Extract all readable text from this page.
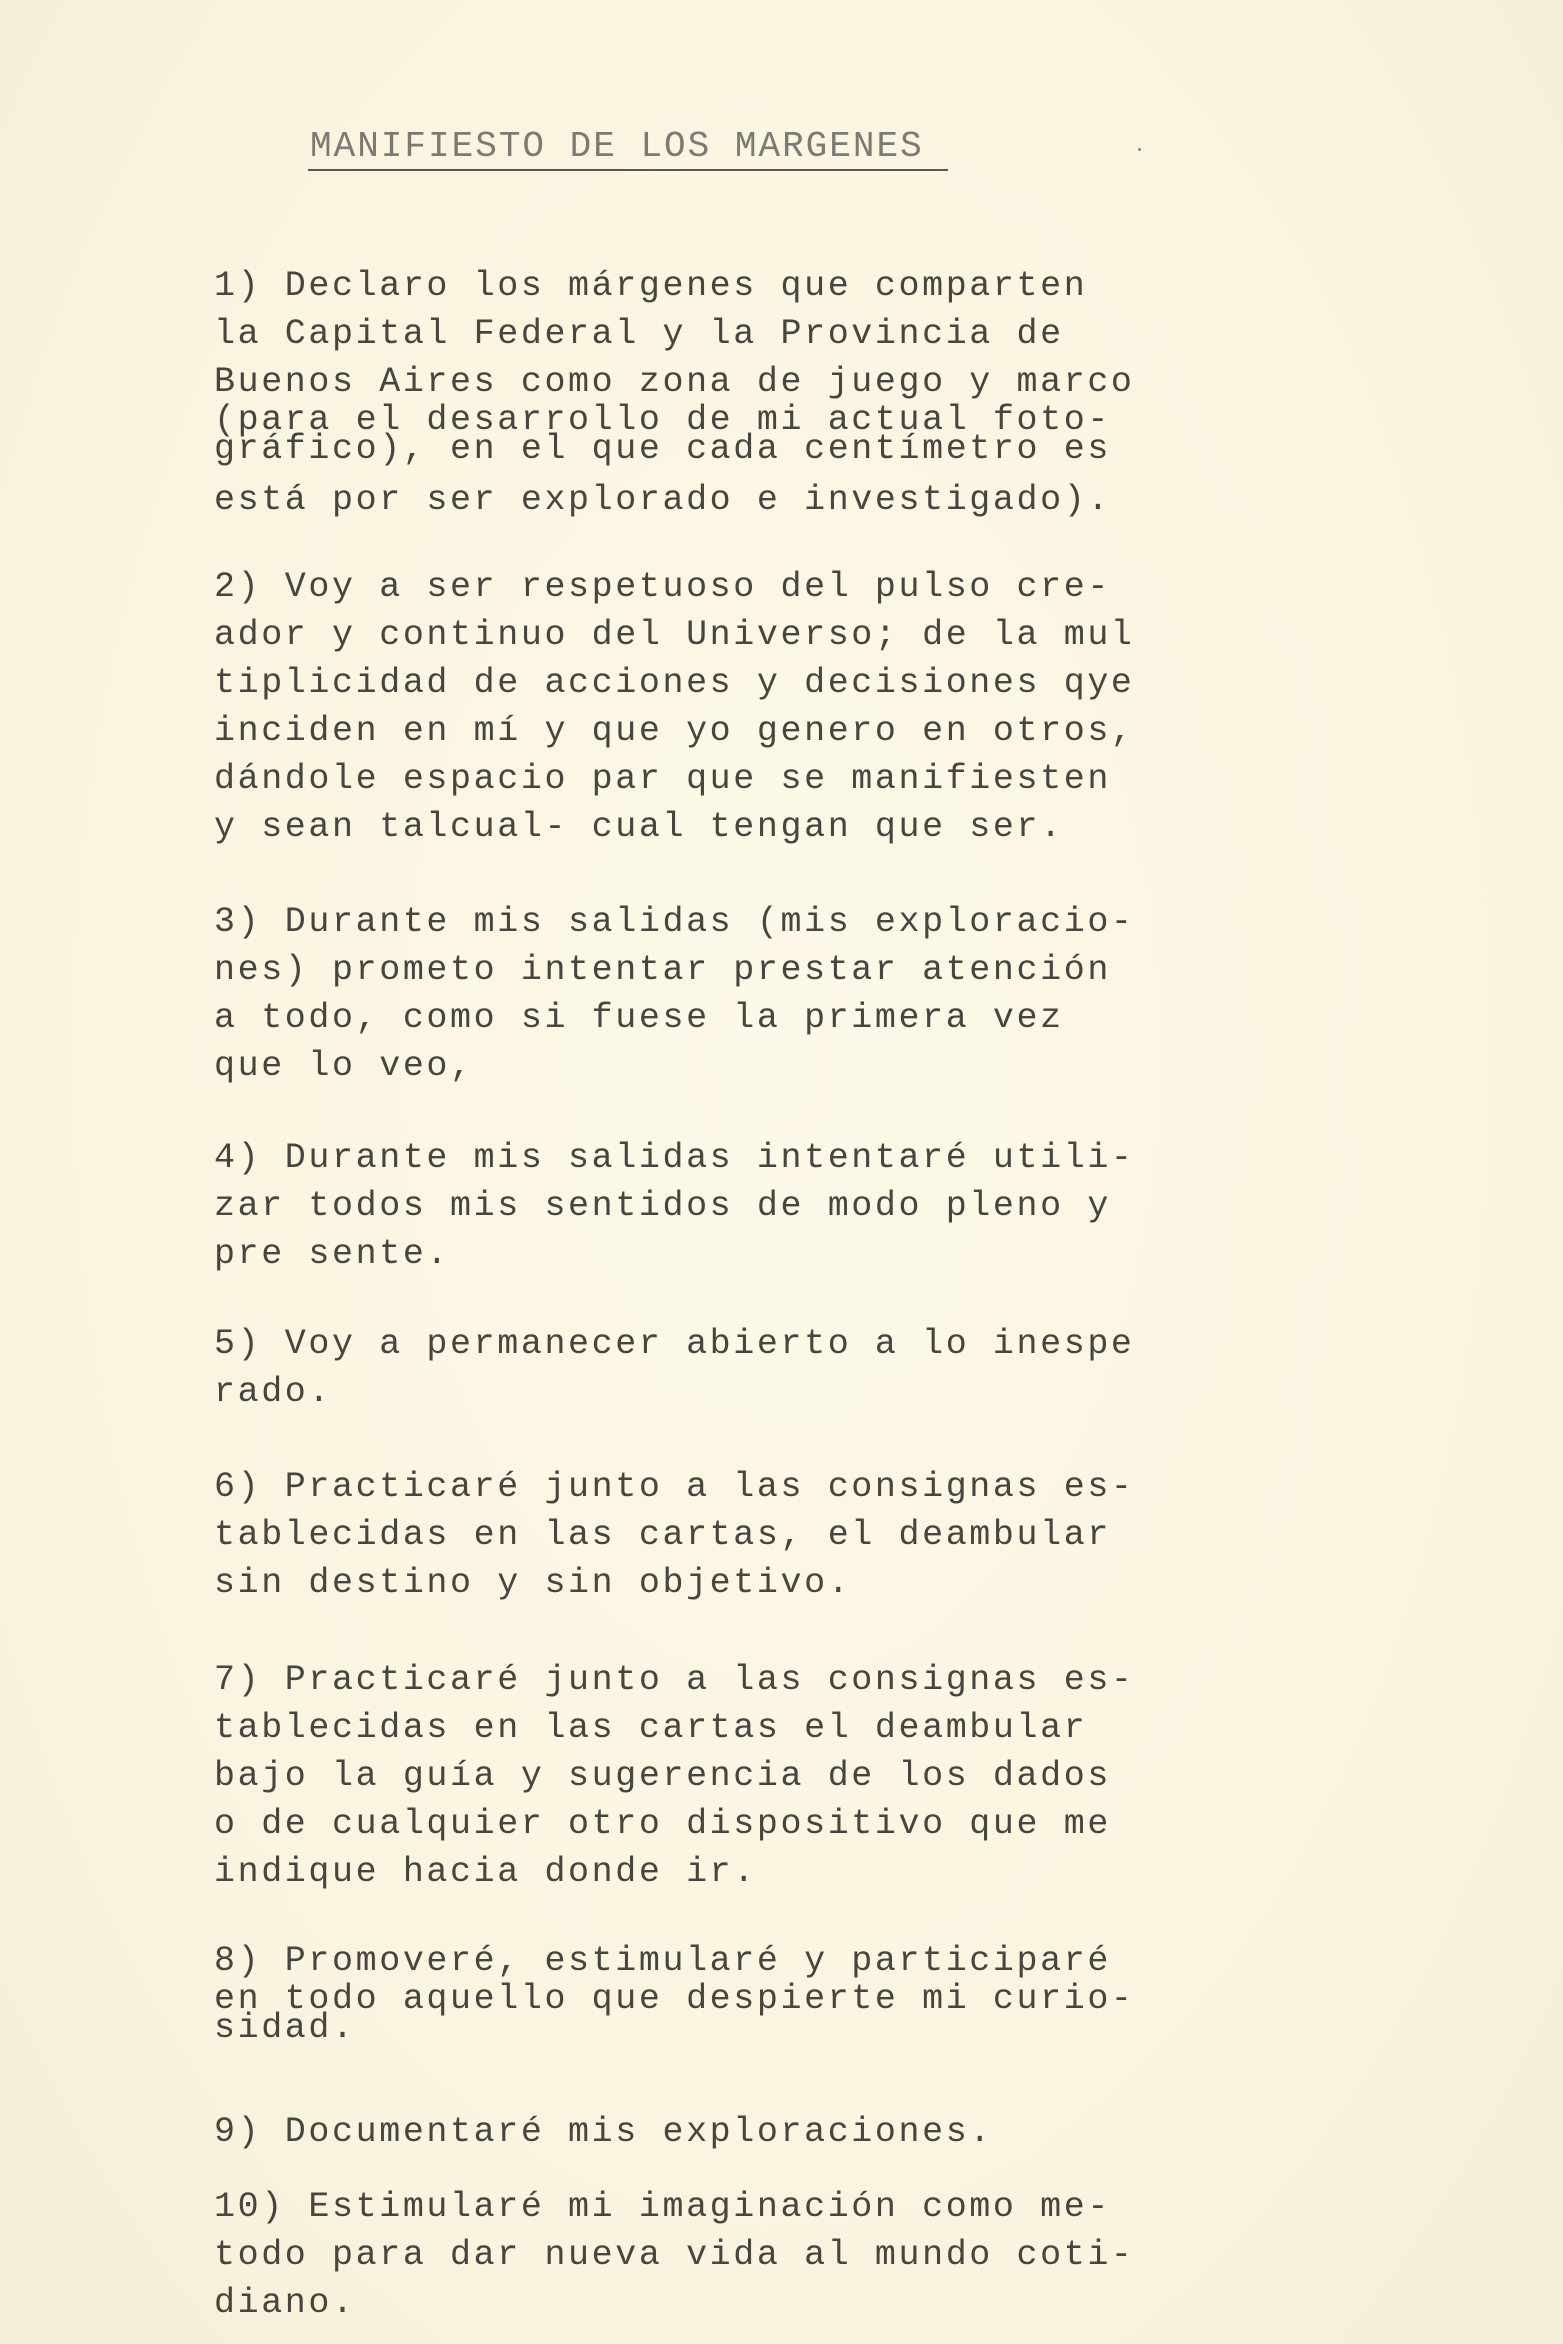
MANIFIESTO DE LOS MARGENES
1) Declaro los márgenes que comparten
la Capital Federal y la Provincia de
Buenos Aires como zona de juego y marco
(para el desarrollo de mi actual foto-
gráfico), en el que cada centímetro es
está por ser explorado e investigado).
2) Voy a ser respetuoso del pulso cre-
ador y continuo del Universo; de la mul
tiplicidad de acciones y decisiones qye
inciden en mí y que yo genero en otros,
dándole espacio par que se manifiesten
y sean talcual- cual tengan que ser.
3) Durante mis salidas (mis exploracio-
nes) prometo intentar prestar atención
a todo, como si fuese la primera vez
que lo veo,
4) Durante mis salidas intentaré utili-
zar todos mis sentidos de modo pleno y
pre sente.
5) Voy a permanecer abierto a lo inespe
rado.
6) Practicaré junto a las consignas es-
tablecidas en las cartas, el deambular
sin destino y sin objetivo.
7) Practicaré junto a las consignas es-
tablecidas en las cartas el deambular
bajo la guía y sugerencia de los dados
o de cualquier otro dispositivo que me
indique hacia donde ir.
8) Promoveré, estimularé y participaré
en todo aquello que despierte mi curio-
sidad.
9) Documentaré mis exploraciones.
10) Estimularé mi imaginación como me-
todo para dar nueva vida al mundo coti-
diano.
